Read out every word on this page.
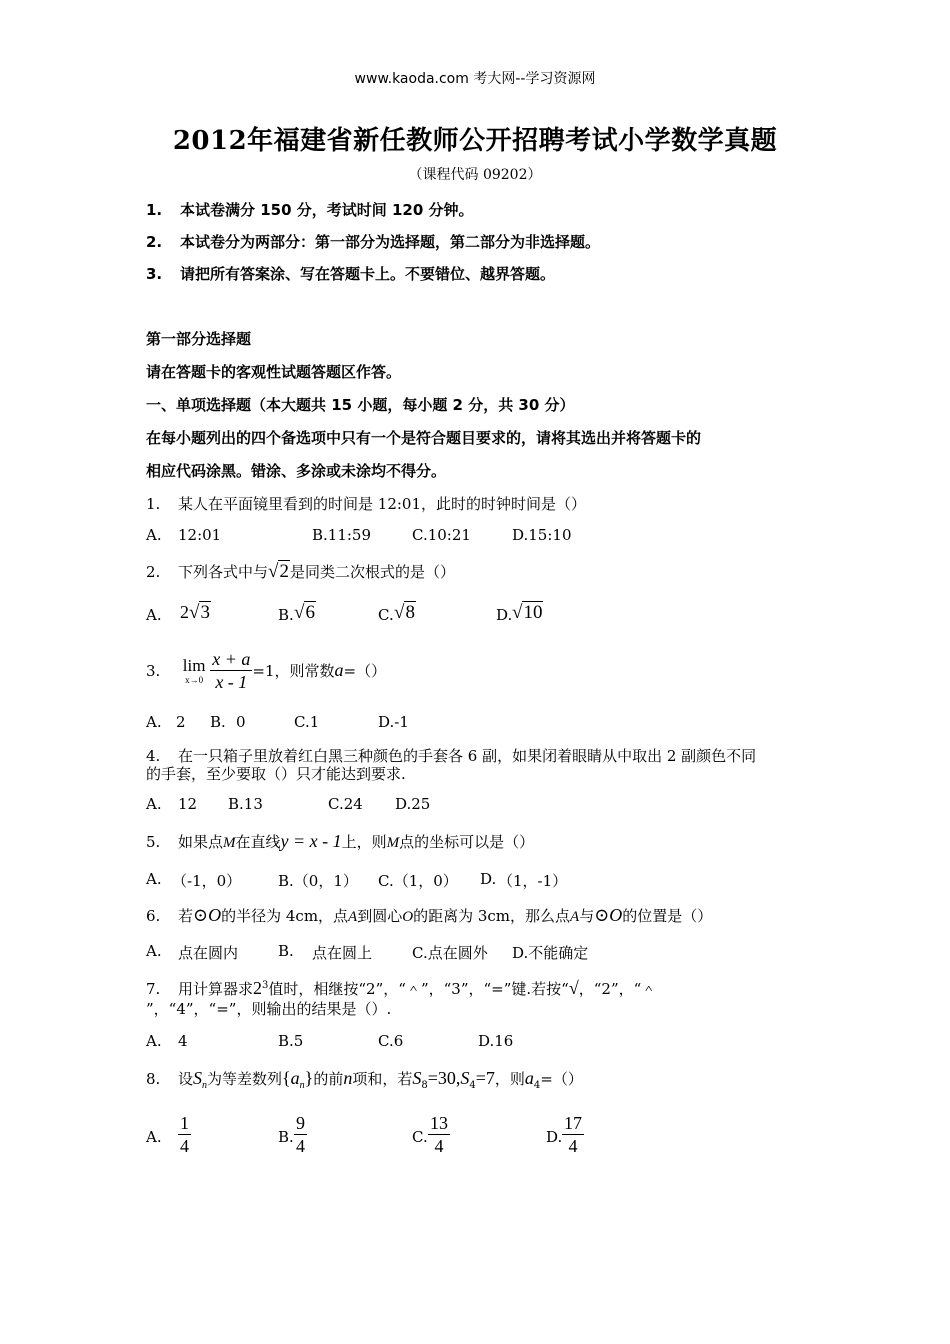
www.kaoda.com 考大网--学习资源网
2012年福建省新任教师公开招聘考试小学数学真题
（课程代码 09202）
1. 本试卷满分 150 分，考试时间 120 分钟。
2. 本试卷分为两部分：第一部分为选择题，第二部分为非选择题。
3. 请把所有答案涂、写在答题卡上。不要错位、越界答题。
第一部分选择题
请在答题卡的客观性试题答题区作答。
一、单项选择题（本大题共 15 小题，每小题 2 分，共 30 分）
在每小题列出的四个备选项中只有一个是符合题目要求的，请将其选出并将答题卡的
相应代码涂黑。错涂、多涂或未涂均不得分。
1. 某人在平面镜里看到的时间是 12:01，此时的时钟时间是（）
A. 12:01	B.11:59	C.10:21	D.15:10
2. 下列各式中与√2是同类二次根式的是（）
A. 2√3	B. √6	C. √8	D. √10
3. lim
x→0
$\frac{x + a}{x - 1} =1$，则常数a=（）
A. 2 B. 0	C.1	D.-1
4. 在一只箱子里放着红白黑三种颜色的手套各 6 副，如果闭着眼睛从中取出 2 副颜色不同
的手套，至少要取（）只才能达到要求.
A. 12 B.13	C.24 D.25
5. 如果点M在直线y = x - 1上，则M点的坐标可以是（）
A. （-1，0） B.（0，1） C.（1，0） D. （1，-1）
6. 若⊙O的半径为 4cm，点A到圆心O的距离为 3cm，那么点A与⊙O的位置是（）
A. 点在圆内	B. 点在圆上	C.点在圆外 D.不能确定
7. 用计算器求$2^3$值时，相继按“2”，“＾”，“3”，“=”键.若按“√，“2”，“＾
”，“4”，“=”，则输出的结果是（）.
A. 4	B.5	C.6	D.16
8. 设$S_n$为等差数列$\{a_n\}$的前n项和，若$S_8=30,S_4=7$，则$a_4=()$
A. $\frac{1}{4}$	B. $\frac{9}{4}$	C. $\frac{13}{4}$	D. $\frac{17}{4}$
